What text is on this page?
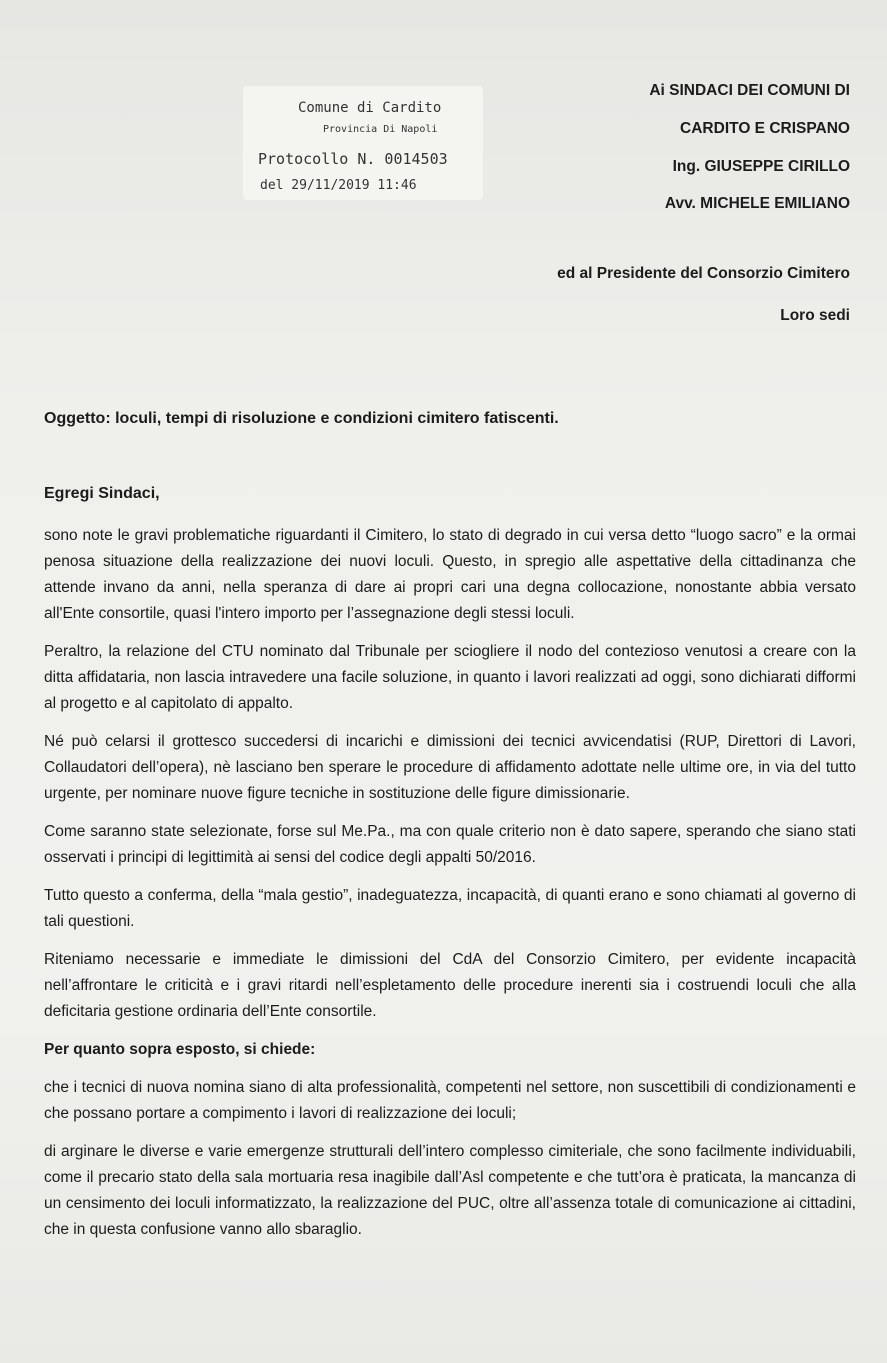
Comune di Cardito
Provincia Di Napoli
Protocollo N. 0014503
del 29/11/2019 11:46
Ai SINDACI DEI COMUNI DI
CARDITO E CRISPANO
Ing. GIUSEPPE CIRILLO
Avv. MICHELE EMILIANO
ed al Presidente del Consorzio Cimitero
Loro sedi
Oggetto: loculi, tempi di risoluzione e condizioni cimitero fatiscenti.
Egregi Sindaci,

sono note le gravi problematiche riguardanti il Cimitero, lo stato di degrado in cui versa detto “luogo sacro” e la ormai penosa situazione della realizzazione dei nuovi loculi. Questo, in spregio alle aspettative della cittadinanza che attende invano da anni, nella speranza di dare ai propri cari una degna collocazione, nonostante abbia versato all'Ente consortile, quasi l'intero importo per l’assegnazione degli stessi loculi.

Peraltro, la relazione del CTU nominato dal Tribunale per sciogliere il nodo del contezioso venutosi a creare con la ditta affidataria, non lascia intravedere una facile soluzione, in quanto i lavori realizzati ad oggi, sono dichiarati difformi al progetto e al capitolato di appalto.

Né può celarsi il grottesco succedersi di incarichi e dimissioni dei tecnici avvicendatisi (RUP, Direttori di Lavori, Collaudatori dell’opera), nè lasciano ben sperare le procedure di affidamento adottate nelle ultime ore, in via del tutto urgente, per nominare nuove figure tecniche in sostituzione delle figure dimissionarie.

Come saranno state selezionate, forse sul Me.Pa., ma con quale criterio non è dato sapere, sperando che siano stati osservati i principi di legittimità ai sensi del codice degli appalti 50/2016.

Tutto questo a conferma, della “mala gestio”, inadeguatezza, incapacità, di quanti erano e sono chiamati al governo di tali questioni.

Riteniamo necessarie e immediate le dimissioni del CdA del Consorzio Cimitero, per evidente incapacità nell’affrontare le criticità e i gravi ritardi nell’espletamento delle procedure inerenti sia i costruendi loculi che alla deficitaria gestione ordinaria dell’Ente consortile.

Per quanto sopra esposto, si chiede:

che i tecnici di nuova nomina siano di alta professionalità, competenti nel settore, non suscettibili di condizionamenti e che possano portare a compimento i lavori di realizzazione dei loculi;

di arginare le diverse e varie emergenze strutturali dell’intero complesso cimiteriale, che sono facilmente individuabili, come il precario stato della sala mortuaria resa inagibile dall’Asl competente e che tutt’ora è praticata, la mancanza di un censimento dei loculi informatizzato, la realizzazione del PUC, oltre all’assenza totale di comunicazione ai cittadini, che in questa confusione vanno allo sbaraglio.
